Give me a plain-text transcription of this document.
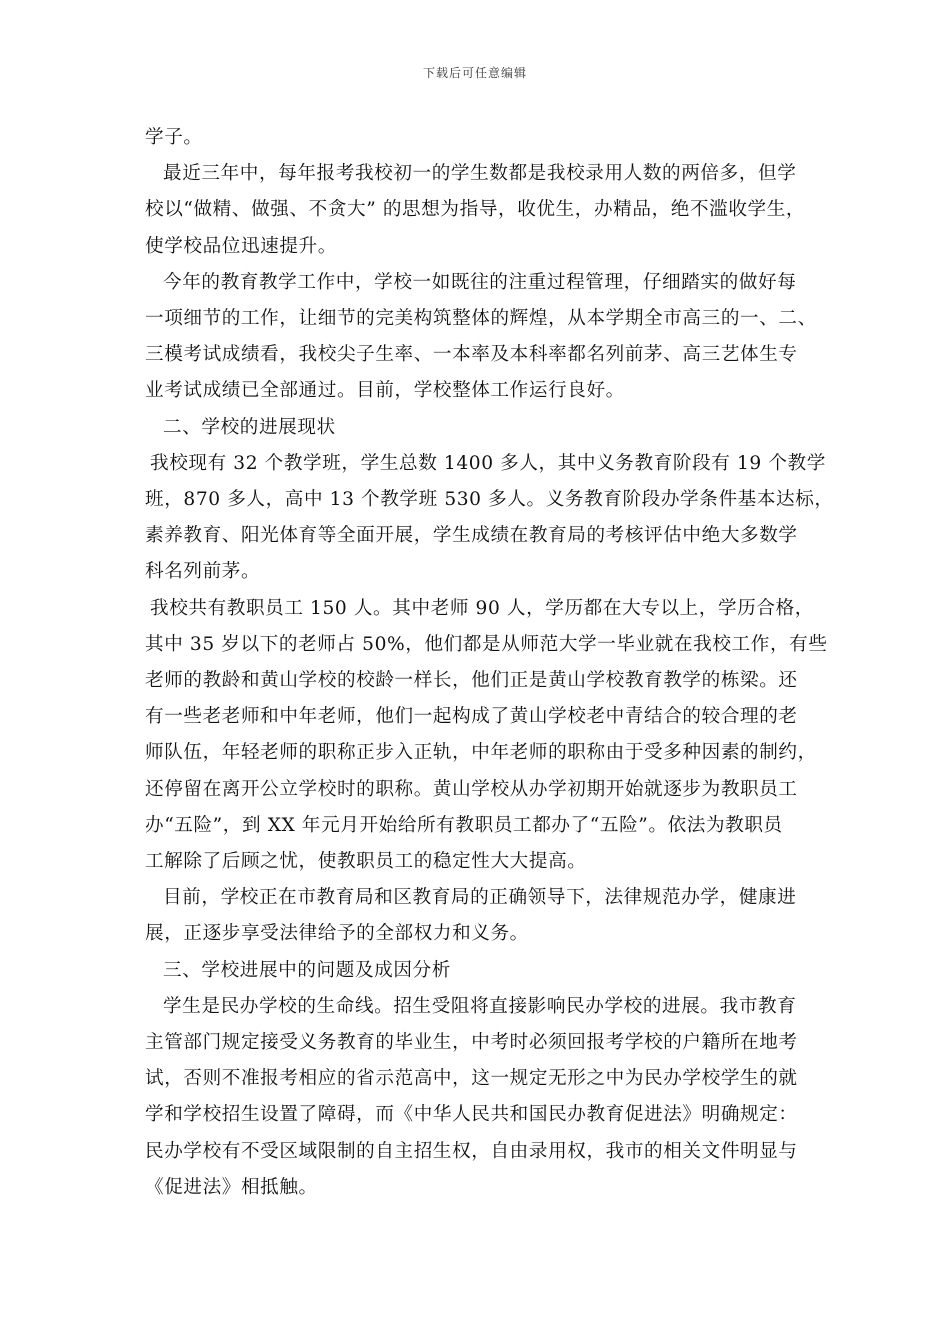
下载后可任意编辑
学子。
最近三年中，每年报考我校初一的学生数都是我校录用人数的两倍多，但学
校以“做精、做强、不贪大” 的思想为指导，收优生，办精品，绝不滥收学生，
使学校品位迅速提升。
今年的教育教学工作中，学校一如既往的注重过程管理，仔细踏实的做好每
一项细节的工作，让细节的完美构筑整体的辉煌，从本学期全市高三的一、二、
三模考试成绩看，我校尖子生率、一本率及本科率都名列前茅、高三艺体生专
业考试成绩已全部通过。目前，学校整体工作运行良好。
二、学校的进展现状
我校现有 32 个教学班，学生总数 1400 多人，其中义务教育阶段有 19 个教学
班，870 多人，高中 13 个教学班 530 多人。义务教育阶段办学条件基本达标，
素养教育、阳光体育等全面开展，学生成绩在教育局的考核评估中绝大多数学
科名列前茅。
我校共有教职员工 150 人。其中老师 90 人，学历都在大专以上，学历合格，
其中 35 岁以下的老师占 50%，他们都是从师范大学一毕业就在我校工作，有些
老师的教龄和黄山学校的校龄一样长，他们正是黄山学校教育教学的栋梁。还
有一些老老师和中年老师，他们一起构成了黄山学校老中青结合的较合理的老
师队伍，年轻老师的职称正步入正轨，中年老师的职称由于受多种因素的制约，
还停留在离开公立学校时的职称。黄山学校从办学初期开始就逐步为教职员工
办“五险”，到 XX 年元月开始给所有教职员工都办了“五险”。依法为教职员
工解除了后顾之忧，使教职员工的稳定性大大提高。
目前，学校正在市教育局和区教育局的正确领导下，法律规范办学，健康进
展，正逐步享受法律给予的全部权力和义务。
三、学校进展中的问题及成因分析
学生是民办学校的生命线。招生受阻将直接影响民办学校的进展。我市教育
主管部门规定接受义务教育的毕业生，中考时必须回报考学校的户籍所在地考
试，否则不准报考相应的省示范高中，这一规定无形之中为民办学校学生的就
学和学校招生设置了障碍，而《中华人民共和国民办教育促进法》明确规定：
民办学校有不受区域限制的自主招生权，自由录用权，我市的相关文件明显与
《促进法》相抵触。
